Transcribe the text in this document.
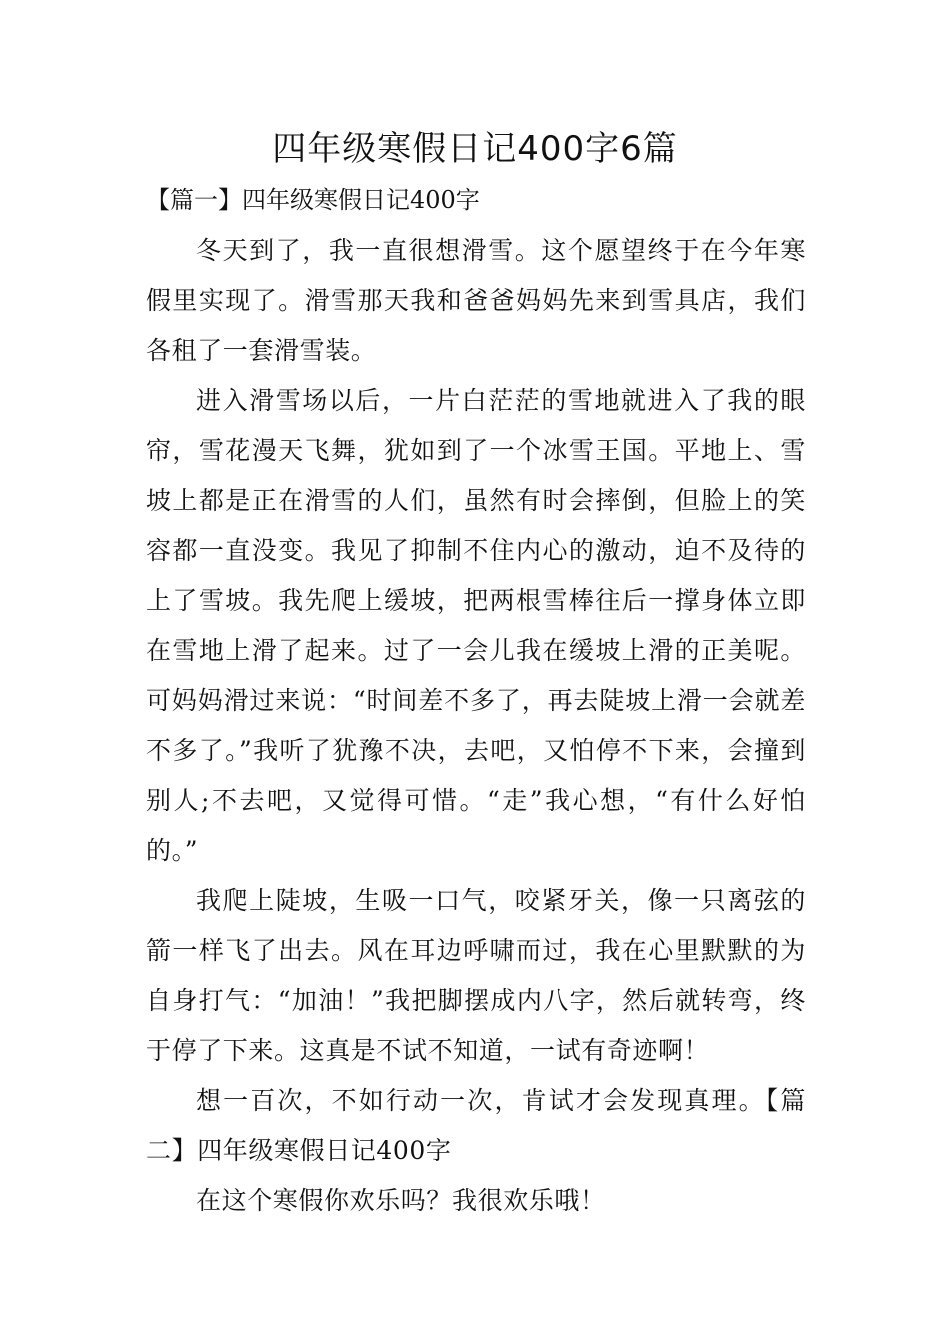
四年级寒假日记400字6篇
【篇一】四年级寒假日记400字

冬天到了，我一直很想滑雪。这个愿望终于在今年寒假里实现了。滑雪那天我和爸爸妈妈先来到雪具店，我们各租了一套滑雪装。

进入滑雪场以后，一片白茫茫的雪地就进入了我的眼帘，雪花漫天飞舞，犹如到了一个冰雪王国。平地上、雪坡上都是正在滑雪的人们，虽然有时会摔倒，但脸上的笑容都一直没变。我见了抑制不住内心的激动，迫不及待的上了雪坡。我先爬上缓坡，把两根雪棒往后一撑身体立即在雪地上滑了起来。过了一会儿我在缓坡上滑的正美呢。可妈妈滑过来说：“时间差不多了，再去陡坡上滑一会就差不多了。”我听了犹豫不决，去吧，又怕停不下来，会撞到别人;不去吧，又觉得可惜。“走”我心想，“有什么好怕的。”

我爬上陡坡，生吸一口气，咬紧牙关，像一只离弦的箭一样飞了出去。风在耳边呼啸而过，我在心里默默的为自身打气：“加油！”我把脚摆成内八字，然后就转弯，终于停了下来。这真是不试不知道，一试有奇迹啊！

想一百次，不如行动一次，肯试才会发现真理。【篇二】四年级寒假日记400字

在这个寒假你欢乐吗？我很欢乐哦！
